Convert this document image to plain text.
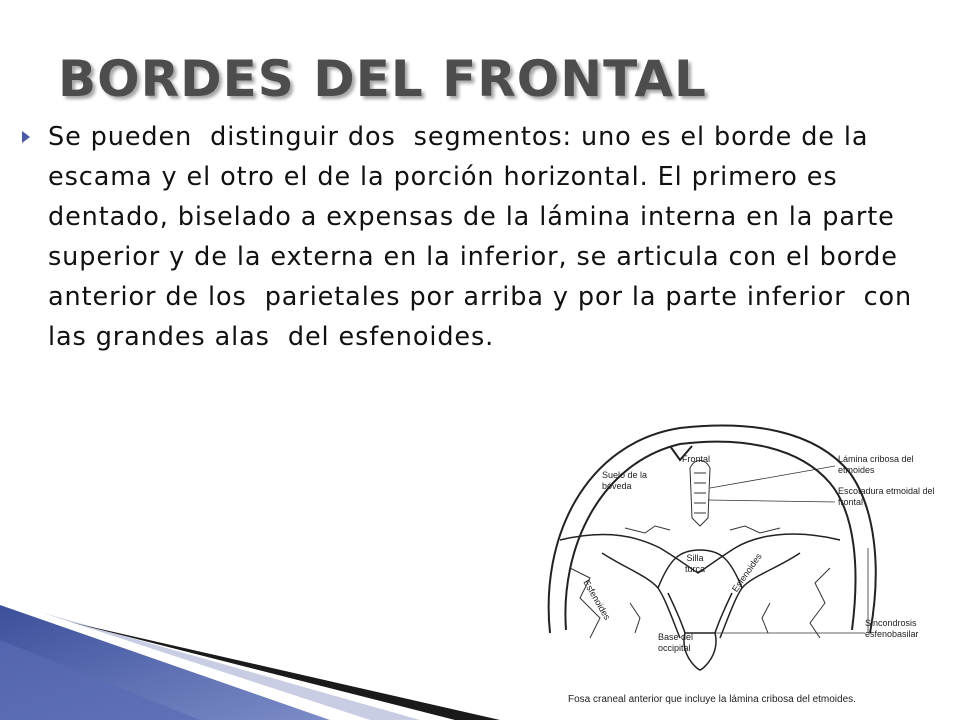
BORDES DEL FRONTAL

Se pueden  distinguir dos  segmentos: uno es el borde de la escama y el otro el de la porción horizontal. El primero es  dentado, biselado a expensas de la lámina interna en la parte superior y de la externa en la inferior, se articula con el borde  anterior de los  parietales por arriba y por la parte inferior  con las grandes alas  del esfenoides.

Frontal
Suelo de la bóveda
Lámina cribosa del etmoides
Escotadura etmoidal del frontal
Silla turca
Esfenoides
Esfenoides
Sincondrosis esfenobasilar
Base del occipital
Fosa craneal anterior que incluye la lámina cribosa del etmoides.
